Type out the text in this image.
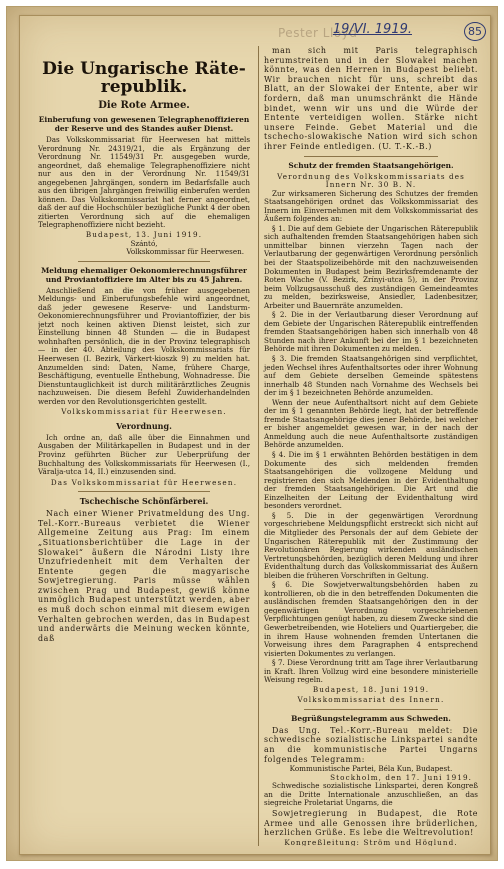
Pester Lloyd
19/VI. 1919.	85
Die Ungarische Räte-republik.
Die Rote Armee.
Einberufung von gewesenen Telegraphenoffizieren der Reserve und des Standes außer Dienst.
Das Volkskommissariat für Heerwesen hat mittels Verordnung Nr. 24319/21, die als Ergänzung der Verordnung Nr. 11549/31 Pr. ausgegeben wurde, angeordnet, daß ehemalige Telegraphenoffiziere nicht nur aus den in der Verordnung Nr. 11549/31 angegebenen Jahrgängen, sondern im Bedarfsfalle auch aus den übrigen Jahrgängen freiwillig einberufen werden können. Das Volkskommissariat hat ferner angeordnet, daß der auf die Hochschüler bezügliche Punkt 4 der oben zitierten Verordnung sich auf die ehemaligen Telegraphenoffiziere nicht bezieht.
Budapest, 13. Juni 1919.
Szántó,
Volkskommissar für Heerwesen.
Meldung ehemaliger Oekonomierechnungsführer und Proviantoffiziere im Alter bis zu 45 Jahren.
Anschließend an die von früher ausgegebenen Meldungs- und Einberufungsbefehle wird angeordnet, daß jeder gewesene Reserve- und Landsturm-Oekonomierechnungsführer und Proviantoffizier, der bis jetzt noch keinen aktiven Dienst leistet, sich zur Einstellung binnen 48 Stunden — die in Budapest wohnhaften persönlich, die in der Provinz telegraphisch — in der 40. Abteilung des Volkskommissariats für Heerwesen (I. Bezirk, Várkert-kioszk 9) zu melden hat. Anzumelden sind: Daten, Name, frühere Charge, Beschäftigung, eventuelle Enthebung, Wohnadresse. Die Dienstuntauglichkeit ist durch militärärztliches Zeugnis nachzuweisen. Die diesem Befehl Zuwiderhandelnden werden vor den Revolutionsgerichten gestellt.
Volkskommissariat für Heerwesen.
Verordnung.
Ich ordne an, daß alle über die Einnahmen und Ausgaben der Militärkapellen in Budapest und in der Provinz geführten Bücher zur Ueberprüfung der Buchhaltung des Volkskommissariats für Heerwesen (I., Váralja-utca 14, II.) einzusenden sind.
Das Volkskommissariat für Heerwesen.
Tschechische Schönfärberei.
Nach einer Wiener Privatmeldung des Ung. Tel.-Korr.-Bureaus verbietet die Wiener Allgemeine Zeitung aus Prag: Im einem „Situationsberichtüber die Lage in der Slowakei“ äußern die Národni Listy ihre Unzufriedenheit mit dem Verhalten der Entente gegen die magyarische Sowjetregierung. Paris müsse wählen zwischen Prag und Budapest, gewiß könne unmöglich Budapest unterstützt werden, aber es muß doch schon einmal mit diesem ewigen Verhalten gebrochen werden, das in Budapest und anderwärts die Meinung wecken könnte, daß
man sich mit Paris telegraphisch herumstreiten und in der Slowakei machen könnte, was den Herren in Budapest beliebt. Wir brauchen nicht für uns, schreibt das Blatt, an der Slowakei der Entente, aber wir fordern, daß man unumschränkt die Hände bindet, wenn wir uns und die Würde der Entente verteidigen wollen. Stärke nicht unsere Feinde. Gebet Material und die tschecho-slowakische Nation wird sich schon ihrer Feinde entledigen. (U. T.-K.-B.)
Schutz der fremden Staatsangehörigen.
Verordnung des Volkskommissariats des Innern Nr. 30 B. N.
Zur wirksameren Sicherung des Schutzes der fremden Staatsangehörigen ordnet das Volkskommissariat des Innern im Einvernehmen mit dem Volkskommissariat des Äußern folgendes an:
§ 1. Die auf dem Gebiete der Ungarischen Räterepublik sich aufhaltenden fremden Staatsangehörigen haben sich unmittelbar binnen vierzehn Tagen nach der Verlautbarung der gegenwärtigen Verordnung persönlich bei der Staatspolizeibehörde mit den nachzuweisenden Dokumenten in Budapest beim Bezirksfremdenamte der Roten Wache (V. Bezirk, Zrínyi-utca 5), in der Provinz beim Vollzugsausschuß des zuständigen Gemeindeamtes zu melden, bezirksweise, Ansiedler, Ladenbesitzer, Arbeiter und Bauernräte anzumelden.
§ 2. Die in der Verlautbarung dieser Verordnung auf dem Gebiete der Ungarischen Räterepublik eintreffenden fremden Staatsangehörigen haben sich innerhalb von 48 Stunden nach ihrer Ankunft bei der im § 1 bezeichneten Behörde mit ihren Dokumenten zu melden.
§ 3. Die fremden Staatsangehörigen sind verpflichtet, jeden Wechsel ihres Aufenthaltsortes oder ihrer Wohnung auf dem Gebiete derselben Gemeinde spätestens innerhalb 48 Stunden nach Vornahme des Wechsels bei der im § 1 bezeichneten Behörde anzumelden.
Wenn der neue Aufenthaltsort nicht auf dem Gebiete der im § 1 genannten Behörde liegt, hat der betreffende fremde Staatsangehörige dies jener Behörde, bei welcher er bisher angemeldet gewesen war, in der nach der Anmeldung auch die neue Aufenthaltsorte zuständigen Behörde anzumelden.
§ 4. Die im § 1 erwähnten Behörden bestätigen in dem Dokumente des sich meldenden fremden Staatsangehörigen die vollzogene Meldung und registrieren den sich Meldenden in der Evidenthaltung der fremden Staatsangehörigen. Die Art und die Einzelheiten der Leitung der Evidenthaltung wird besonders verordnet.
§ 5. Die in der gegenwärtigen Verordnung vorgeschriebene Meldungspflicht erstreckt sich nicht auf die Mitglieder des Personals der auf dem Gebiete der Ungarischen Räterepublik mit der Zustimmung der Revolutionären Regierung wirkenden ausländischen Vertretungsbehörden, bezüglich deren Meldung und ihrer Evidenthaltung durch das Volkskommissariat des Äußern bleiben die früheren Vorschriften in Geltung.
§ 6. Die Sowjetverwaltungsbehörden haben zu kontrollieren, ob die in den betreffenden Dokumenten die ausländischen fremden Staatsangehörigen den in der gegenwärtigen Verordnung vorgeschriebenen Verpflichtungen genügt haben, zu diesem Zwecke sind die Gewerbetreibenden, wie Hoteliers und Quartiergeber, die in ihrem Hause wohnenden fremden Untertanen die Vorweisung ihres dem Paragraphen 4 entsprechend visierten Dokumentes zu verlangen.
§ 7. Diese Verordnung tritt am Tage ihrer Verlautbarung in Kraft. Ihren Vollzug wird eine besondere ministerielle Weisung regeln.
Budapest, 18. Juni 1919.
Volkskommissariat des Innern.
Begrüßungstelegramm aus Schweden.
Das Ung. Tel.-Korr.-Bureau meldet: Die schwedische sozialistische Linkspartei sandte an die kommunistische Partei Ungarns folgendes Telegramm:
Kommunistische Partei, Béla Kun, Budapest.
Stockholm, den 17. Juni 1919.
Schwedische sozialistische Linkspartei, deren Kongreß an die Dritte Internationale anzuschließen, an das siegreiche Proletariat Ungarns, die
Sowjetregierung in Budapest, die Rote Armee und alle Genossen ihre brüderlichen, herzlichen Grüße. Es lebe die Weltrevolution!
Kongreßleitung: Ström und Höglund.
